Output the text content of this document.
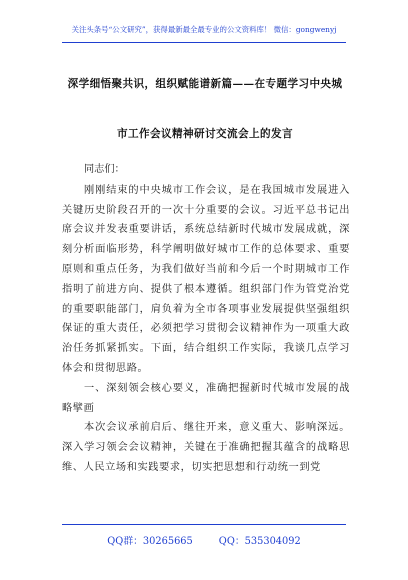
关注头条号“公文研究”，获得最新最全最专业的公文资料库！ 微信：gongwenyj
深学细悟聚共识，组织赋能谱新篇——在专题学习中央城
市工作会议精神研讨交流会上的发言

同志们：

刚刚结束的中央城市工作会议，是在我国城市发展进入关键历史阶段召开的一次十分重要的会议。习近平总书记出席会议并发表重要讲话，系统总结新时代城市发展成就，深刻分析面临形势，科学阐明做好城市工作的总体要求、重要原则和重点任务，为我们做好当前和今后一个时期城市工作指明了前进方向、提供了根本遵循。组织部门作为管党治党的重要职能部门，肩负着为全市各项事业发展提供坚强组织保证的重大责任，必须把学习贯彻会议精神作为一项重大政治任务抓紧抓实。下面，结合组织工作实际，我谈几点学习体会和贯彻思路。

一、深刻领会核心要义，准确把握新时代城市发展的战略擘画

本次会议承前启后、继往开来，意义重大、影响深远。深入学习领会会议精神，关键在于准确把握其蕴含的战略思维、人民立场和实践要求，切实把思想和行动统一到党

QQ群：30265665	QQ：535304092
